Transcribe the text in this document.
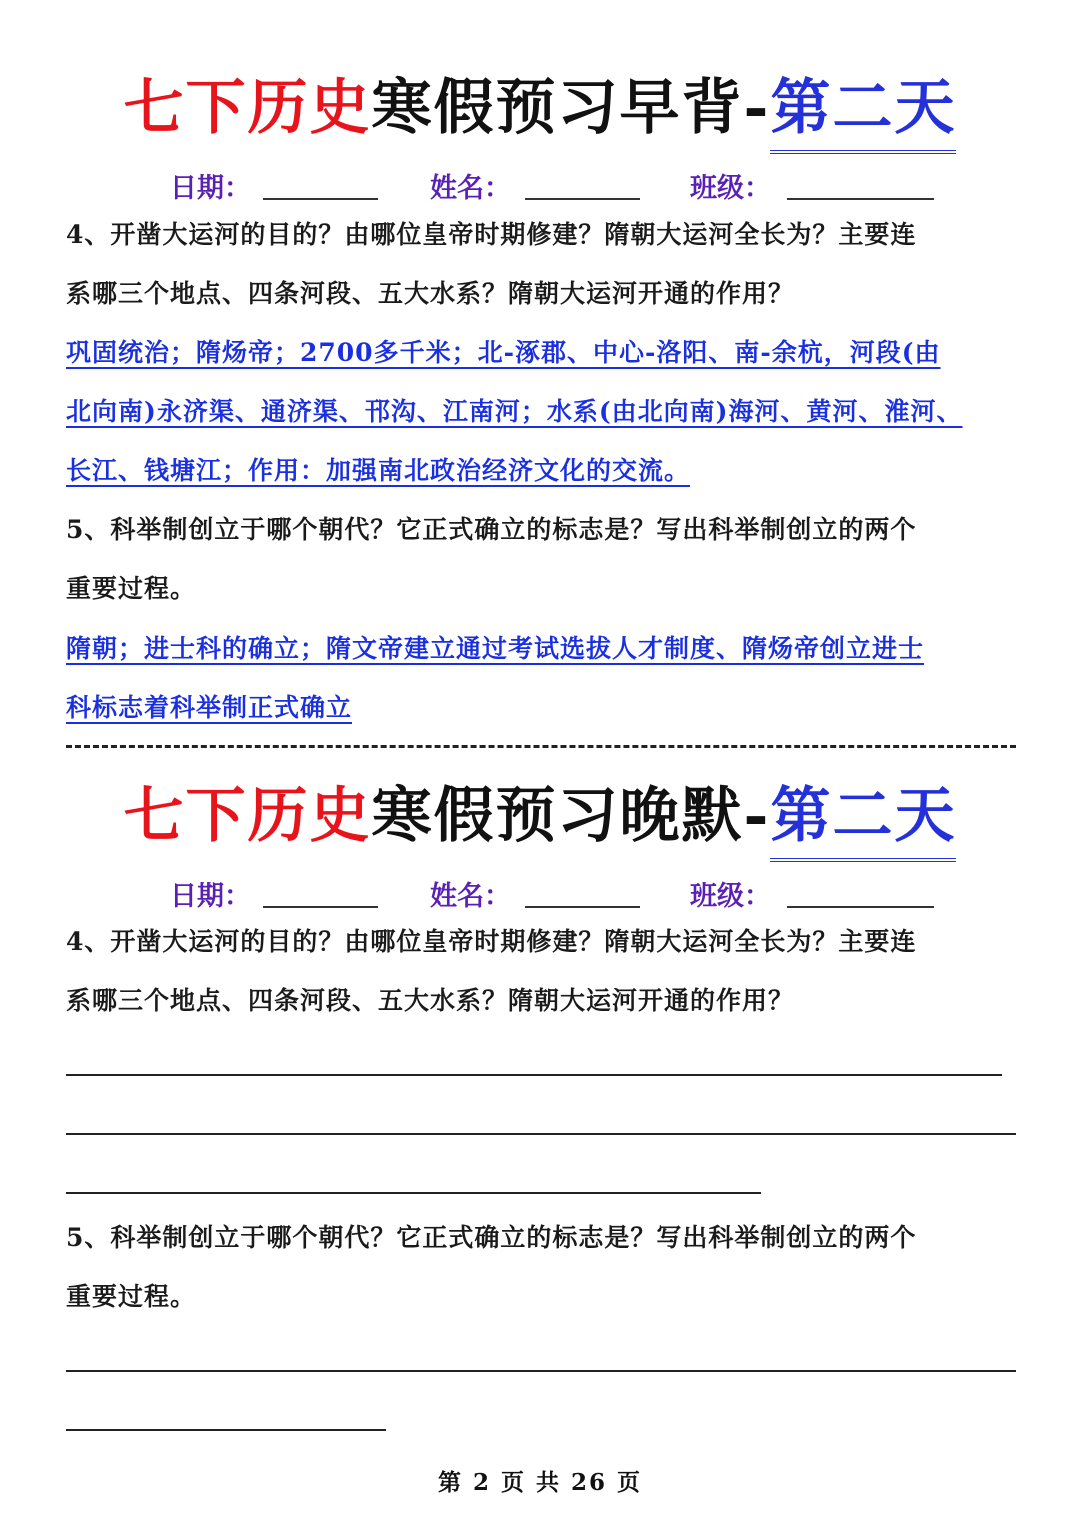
七下历史寒假预习早背-第二天
日期：	姓名：	班级：
4、开凿大运河的目的？由哪位皇帝时期修建？隋朝大运河全长为？主要连
系哪三个地点、四条河段、五大水系？隋朝大运河开通的作用？
巩固统治；隋炀帝；2700多千米；北-涿郡、中心-洛阳、南-余杭，河段(由
北向南)永济渠、通济渠、邗沟、江南河；水系(由北向南)海河、黄河、淮河、
长江、钱塘江；作用：加强南北政治经济文化的交流。
5、科举制创立于哪个朝代？它正式确立的标志是？写出科举制创立的两个
重要过程。
隋朝；进士科的确立；隋文帝建立通过考试选拔人才制度、隋炀帝创立进士
科标志着科举制正式确立
七下历史寒假预习晚默-第二天
日期：	姓名：	班级：
4、开凿大运河的目的？由哪位皇帝时期修建？隋朝大运河全长为？主要连
系哪三个地点、四条河段、五大水系？隋朝大运河开通的作用？
5、科举制创立于哪个朝代？它正式确立的标志是？写出科举制创立的两个
重要过程。
第 2 页 共 26 页
